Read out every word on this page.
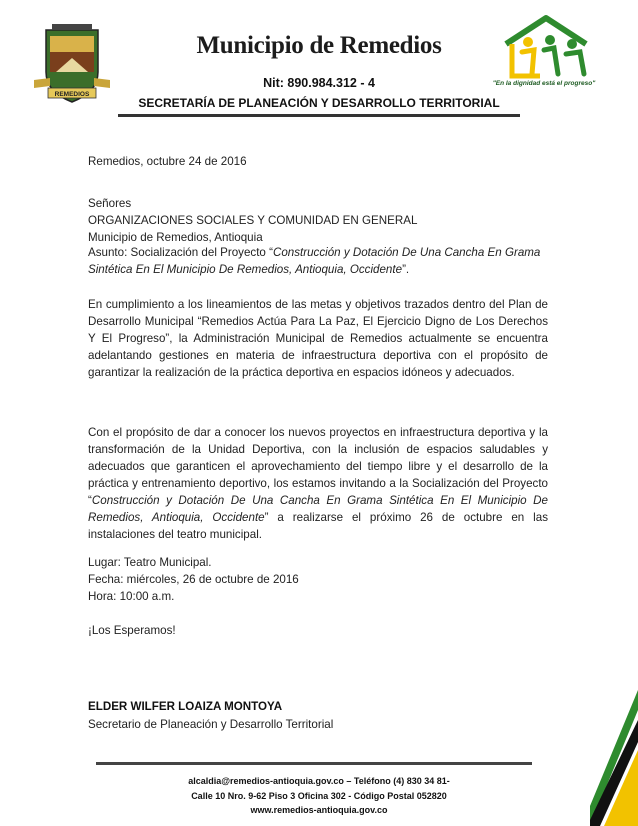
REMEDIOS
"En la dignidad está el progreso"
Municipio de Remedios
Nit: 890.984.312 - 4
SECRETARÍA DE PLANEACIÓN Y DESARROLLO TERRITORIAL
Remedios, octubre 24 de 2016
Señores
ORGANIZACIONES SOCIALES Y COMUNIDAD EN GENERAL
Municipio de Remedios, Antioquia
Asunto: Socialización del Proyecto “Construcción y Dotación De Una Cancha En Grama Sintética En El Municipio De Remedios, Antioquia, Occidente”.
En cumplimiento a los lineamientos de las metas y objetivos trazados dentro del Plan de Desarrollo Municipal “Remedios Actúa Para La Paz, El Ejercicio Digno de Los Derechos Y El Progreso”, la Administración Municipal de Remedios actualmente se encuentra adelantando gestiones en materia de infraestructura deportiva con el propósito de garantizar la realización de la práctica deportiva en espacios idóneos y adecuados.
Con el propósito de dar a conocer los nuevos proyectos en infraestructura deportiva y la transformación de la Unidad Deportiva, con la inclusión de espacios saludables y adecuados que garanticen el aprovechamiento del tiempo libre y el desarrollo de la práctica y entrenamiento deportivo, los estamos invitando a la Socialización del Proyecto “Construcción y Dotación De Una Cancha En Grama Sintética En El Municipio De Remedios, Antioquia, Occidente” a realizarse el próximo 26 de octubre en las instalaciones del teatro municipal.
Lugar: Teatro Municipal.
Fecha: miércoles, 26 de octubre de 2016
Hora: 10:00 a.m.
¡Los Esperamos!
ELDER WILFER LOAIZA MONTOYA
Secretario de Planeación y Desarrollo Territorial
alcaldia@remedios-antioquia.gov.co – Teléfono (4) 830 34 81-
Calle 10 Nro. 9-62 Piso 3 Oficina 302 - Código Postal 052820
www.remedios-antioquia.gov.co
